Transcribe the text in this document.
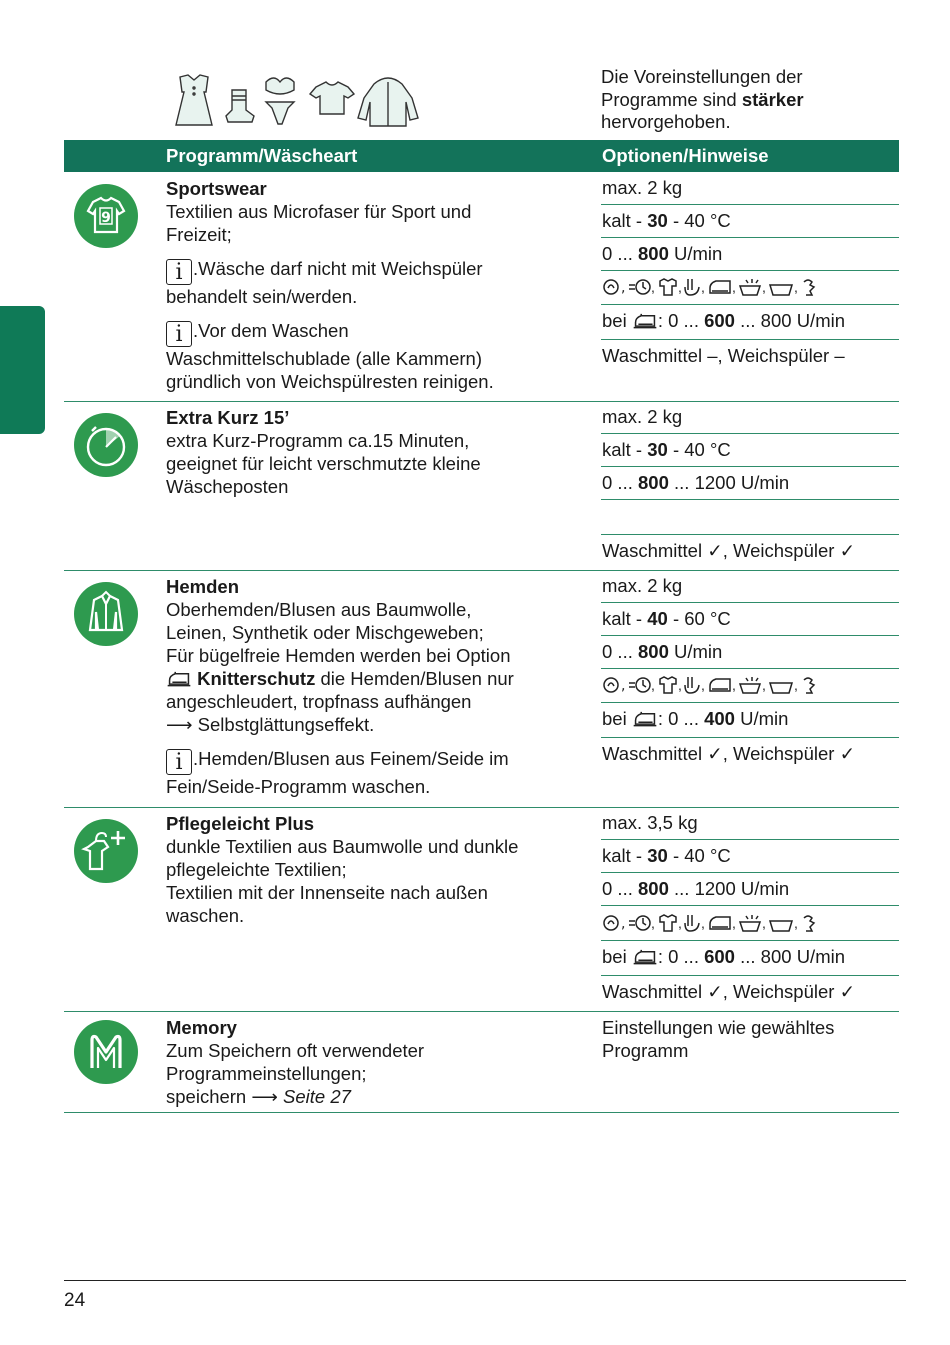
Die Voreinstellungen der
Programme sind stärker
hervorgehoben.
Programm/Wäscheart	Optionen/Hinweise
9

Sportswear

Textilien aus Microfaser für Sport und

Freizeit;

i .Wäsche darf nicht mit Weichspüler

behandelt sein/werden.

i .Vor dem Waschen

Waschmittelschublade (alle Kammern)

gründlich von Weichspülresten reinigen.

max. 2 kg
kalt - 30 - 40 °C
0 ... 800 U/min
bei : 0 ... 600 ... 800 U/min
Waschmittel –, Weichspüler –

Extra Kurz 15’

extra Kurz-Programm ca.15 Minuten,

geeignet für leicht verschmutzte kleine

Wäscheposten

max. 2 kg
kalt - 30 - 40 °C
0 ... 800 ... 1200 U/min
Waschmittel ✓, Weichspüler ✓

Hemden

Oberhemden/Blusen aus Baumwolle,

Leinen, Synthetik oder Mischgeweben;

Für bügelfreie Hemden werden bei Option

Knitterschutz die Hemden/Blusen nur

angeschleudert, tropfnass aufhängen

⟶ Selbstglättungseffekt.

i .Hemden/Blusen aus Feinem/Seide im

Fein/Seide-Programm waschen.

max. 2 kg
kalt - 40 - 60 °C
0 ... 800 U/min
bei : 0 ... 400 U/min
Waschmittel ✓, Weichspüler ✓

Pflegeleicht Plus

dunkle Textilien aus Baumwolle und dunkle

pflegeleichte Textilien;

Textilien mit der Innenseite nach außen

waschen.

max. 3,5 kg
kalt - 30 - 40 °C
0 ... 800 ... 1200 U/min
bei : 0 ... 600 ... 800 U/min
Waschmittel ✓, Weichspüler ✓

Memory

Zum Speichern oft verwendeter

Programmeinstellungen;

speichern ⟶ Seite 27

Einstellungen wie gewähltes
Programm
24
